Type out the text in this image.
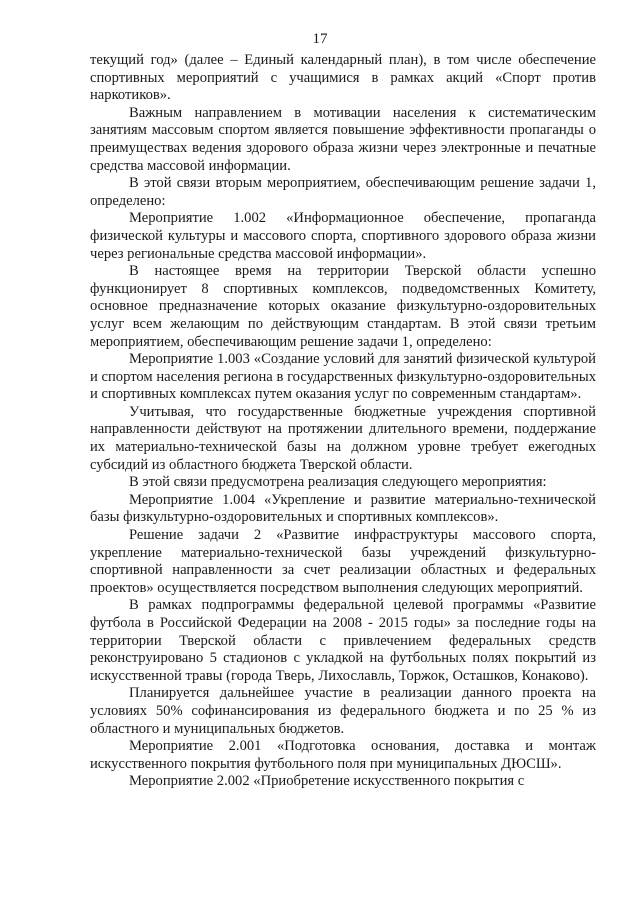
17

текущий год» (далее – Единый календарный план), в том числе обеспечение спортивных мероприятий с учащимися в рамках акций «Спорт против наркотиков».

Важным направлением в мотивации населения к систематическим занятиям массовым спортом является повышение эффективности пропаганды о преимуществах ведения здорового образа жизни через электронные и печатные средства массовой информации.

В этой связи вторым мероприятием, обеспечивающим решение задачи 1, определено:

Мероприятие 1.002 «Информационное обеспечение, пропаганда физической культуры и массового спорта, спортивного здорового образа жизни через региональные средства массовой информации».

В настоящее время на территории Тверской области успешно функционирует 8 спортивных комплексов, подведомственных Комитету, основное предназначение которых оказание физкультурно-оздоровительных услуг всем желающим по действующим стандартам. В этой связи третьим мероприятием, обеспечивающим решение задачи 1, определено:

Мероприятие 1.003 «Создание условий для занятий физической культурой и спортом населения региона в государственных физкультурно-оздоровительных и спортивных комплексах путем оказания услуг по современным стандартам».

Учитывая, что государственные бюджетные учреждения спортивной направленности действуют на протяжении длительного времени, поддержание их материально-технической базы на должном уровне требует ежегодных субсидий из областного бюджета Тверской области.

В этой связи предусмотрена реализация следующего мероприятия:

Мероприятие 1.004 «Укрепление и развитие материально-технической базы физкультурно-оздоровительных и спортивных комплексов».

Решение задачи 2 «Развитие инфраструктуры массового спорта, укрепление материально-технической базы учреждений физкультурно-спортивной направленности за счет реализации областных и федеральных проектов» осуществляется посредством выполнения следующих мероприятий.

В рамках подпрограммы федеральной целевой программы «Развитие футбола в Российской Федерации на 2008 - 2015 годы» за последние годы на территории Тверской области с привлечением федеральных средств реконструировано 5 стадионов с укладкой на футбольных полях покрытий из искусственной травы (города Тверь, Лихославль, Торжок, Осташков, Конаково).

Планируется дальнейшее участие в реализации данного проекта на условиях 50% софинансирования из федерального бюджета и по 25 % из областного и муниципальных бюджетов.

Мероприятие 2.001 «Подготовка основания, доставка и монтаж искусственного покрытия футбольного поля при муниципальных ДЮСШ».

Мероприятие 2.002 «Приобретение искусственного покрытия с
